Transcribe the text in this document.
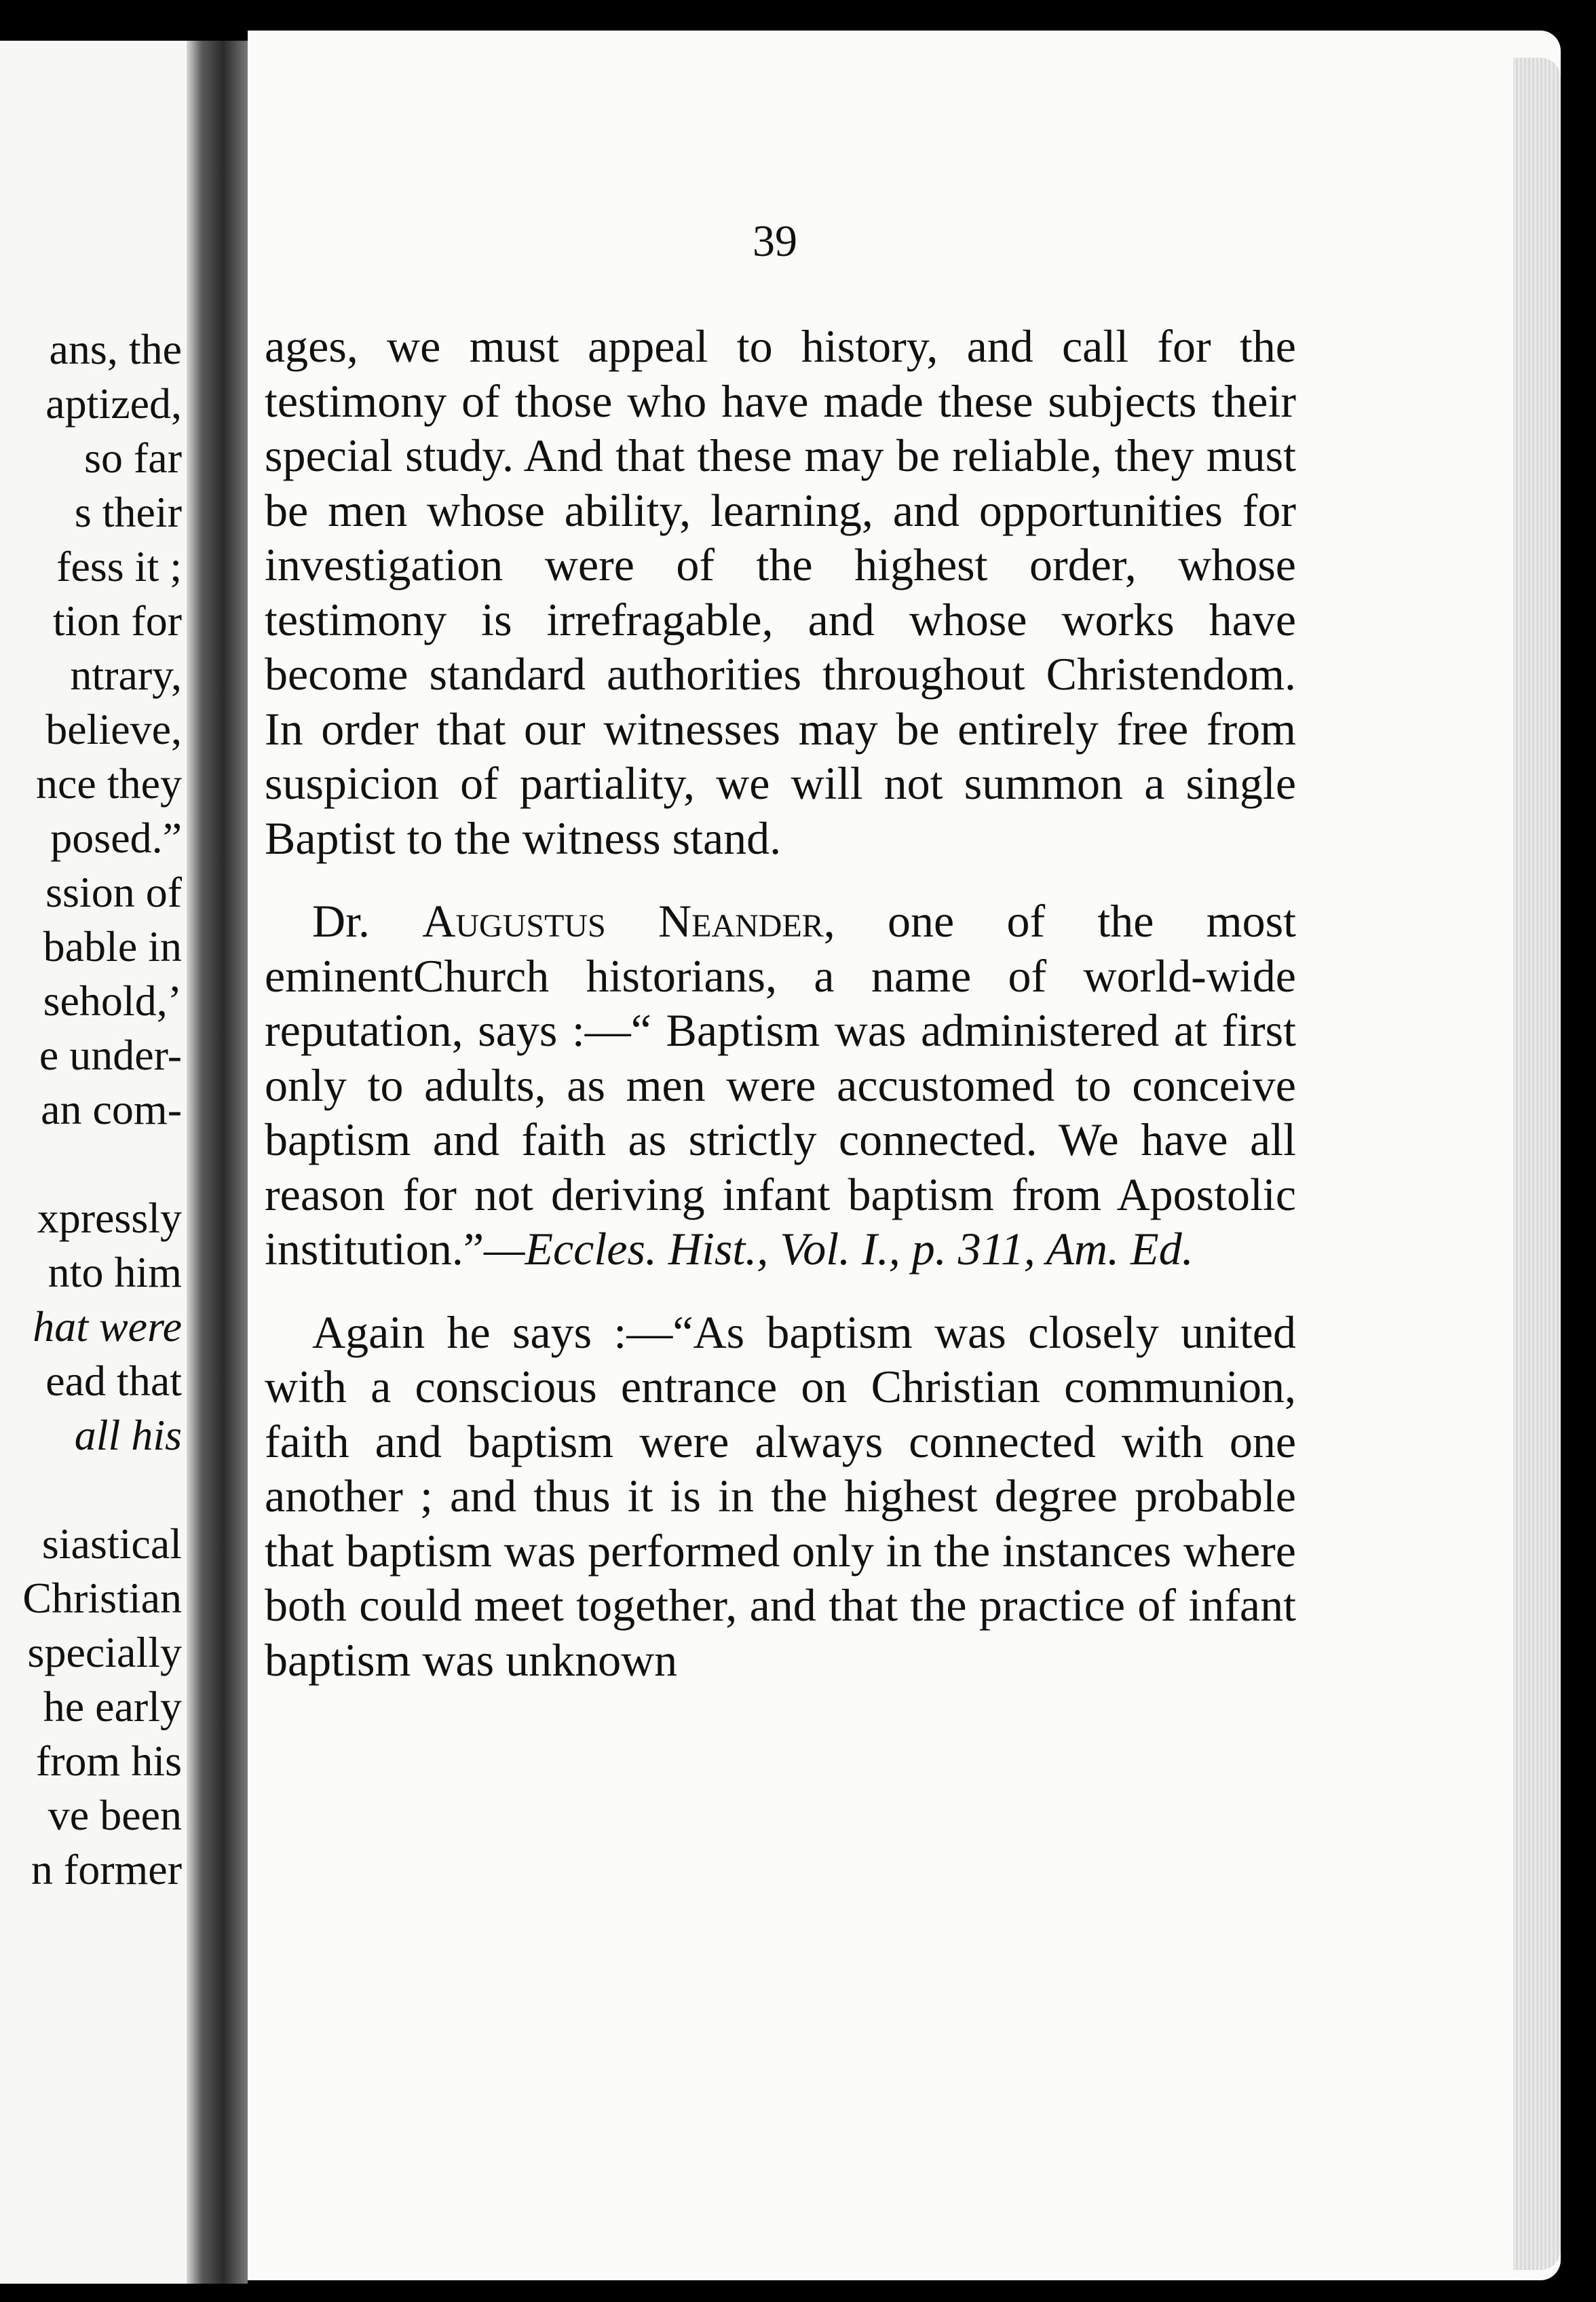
ans, the
aptized,
so far
s their
fess it ;
tion for
ntrary,
believe,
nce they
posed.”
ssion of
bable in
sehold,’
e under-
an com-
xpressly
nto him
hat were
ead that
all his
siastical
Christian
specially
he early
from his
ve been
n former
39

ages, we must appeal to history, and call for the testimony of those who have made these subjects their special study. And that these may be reliable, they must be men whose ability, learning, and opportunities for investigation were of the highest order, whose testimony is irrefragable, and whose works have become standard authorities throughout Christendom. In order that our witnesses may be entirely free from suspicion of partiality, we will not summon a single Baptist to the witness stand.

Dr. Augustus Neander, one of the most eminentChurch historians, a name of world-wide reputation, says :—“ Baptism was administered at first only to adults, as men were accustomed to conceive baptism and faith as strictly connected. We have all reason for not deriving infant baptism from Apostolic institution.”—Eccles. Hist., Vol. I., p. 311, Am. Ed.

Again he says :—“As baptism was closely united with a conscious entrance on Christian communion, faith and baptism were always connected with one another ; and thus it is in the highest degree probable that baptism was performed only in the instances where both could meet together, and that the practice of infant baptism was unknown
